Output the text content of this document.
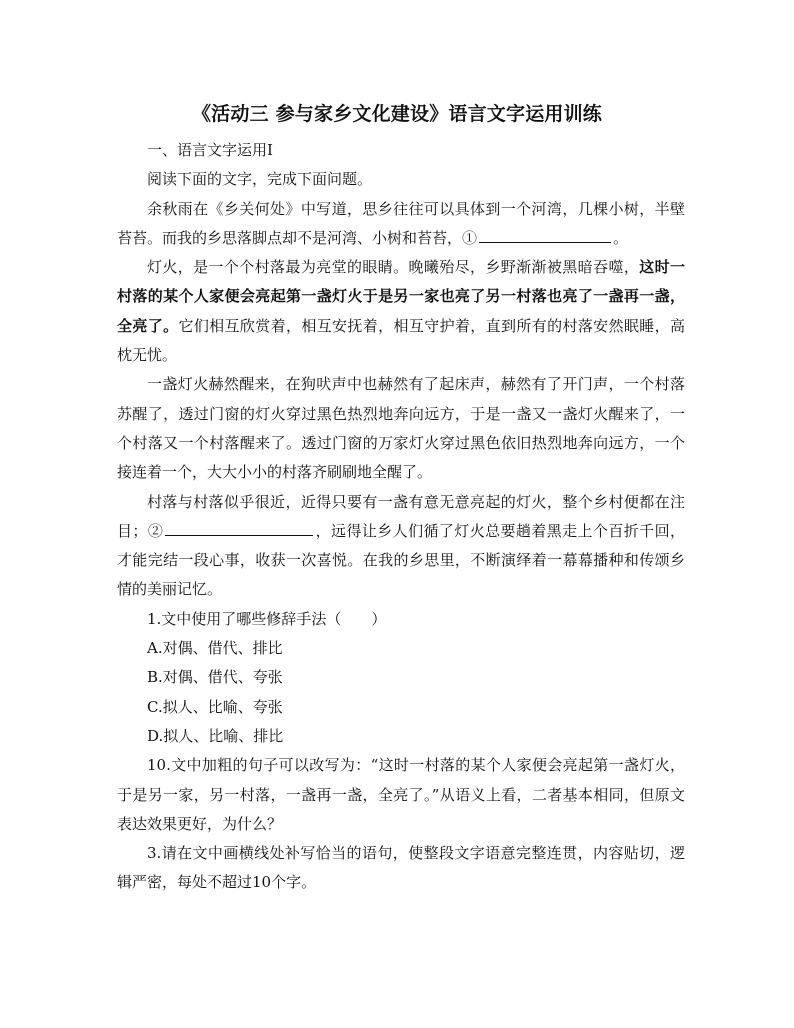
《活动三 参与家乡文化建设》语言文字运用训练

一、语言文字运用Ⅰ

阅读下面的文字，完成下面问题。

余秋雨在《乡关何处》中写道，思乡往往可以具体到一个河湾，几棵小树，半壁苔苔。而我的乡思落脚点却不是河湾、小树和苔苔，①	。

灯火，是一个个村落最为亮堂的眼睛。晚曦殆尽，乡野渐渐被黑暗吞噬，这时一村落的某个人家便会亮起第一盏灯火于是另一家也亮了另一村落也亮了一盏再一盏，全亮了。它们相互欣赏着，相互安抚着，相互守护着，直到所有的村落安然眠睡，高枕无忧。

一盏灯火赫然醒来，在狗吠声中也赫然有了起床声，赫然有了开门声，一个村落苏醒了，透过门窗的灯火穿过黑色热烈地奔向远方，于是一盏又一盏灯火醒来了，一个村落又一个村落醒来了。透过门窗的万家灯火穿过黑色依旧热烈地奔向远方，一个接连着一个，大大小小的村落齐刷刷地全醒了。

村落与村落似乎很近，近得只要有一盏有意无意亮起的灯火，整个乡村便都在注目；②	，远得让乡人们循了灯火总要趟着黑走上个百折千回，才能完结一段心事，收获一次喜悦。在我的乡思里，不断演绎着一幕幕播种和传颂乡情的美丽记忆。

1.文中使用了哪些修辞手法（　　）

A.对偶、借代、排比

B.对偶、借代、夸张

C.拟人、比喻、夸张

D.拟人、比喻、排比

10.文中加粗的句子可以改写为：“这时一村落的某个人家便会亮起第一盏灯火，于是另一家，另一村落，一盏再一盏，全亮了。”从语义上看，二者基本相同，但原文表达效果更好，为什么？

3.请在文中画横线处补写恰当的语句，使整段文字语意完整连贯，内容贴切，逻辑严密，每处不超过10个字。
